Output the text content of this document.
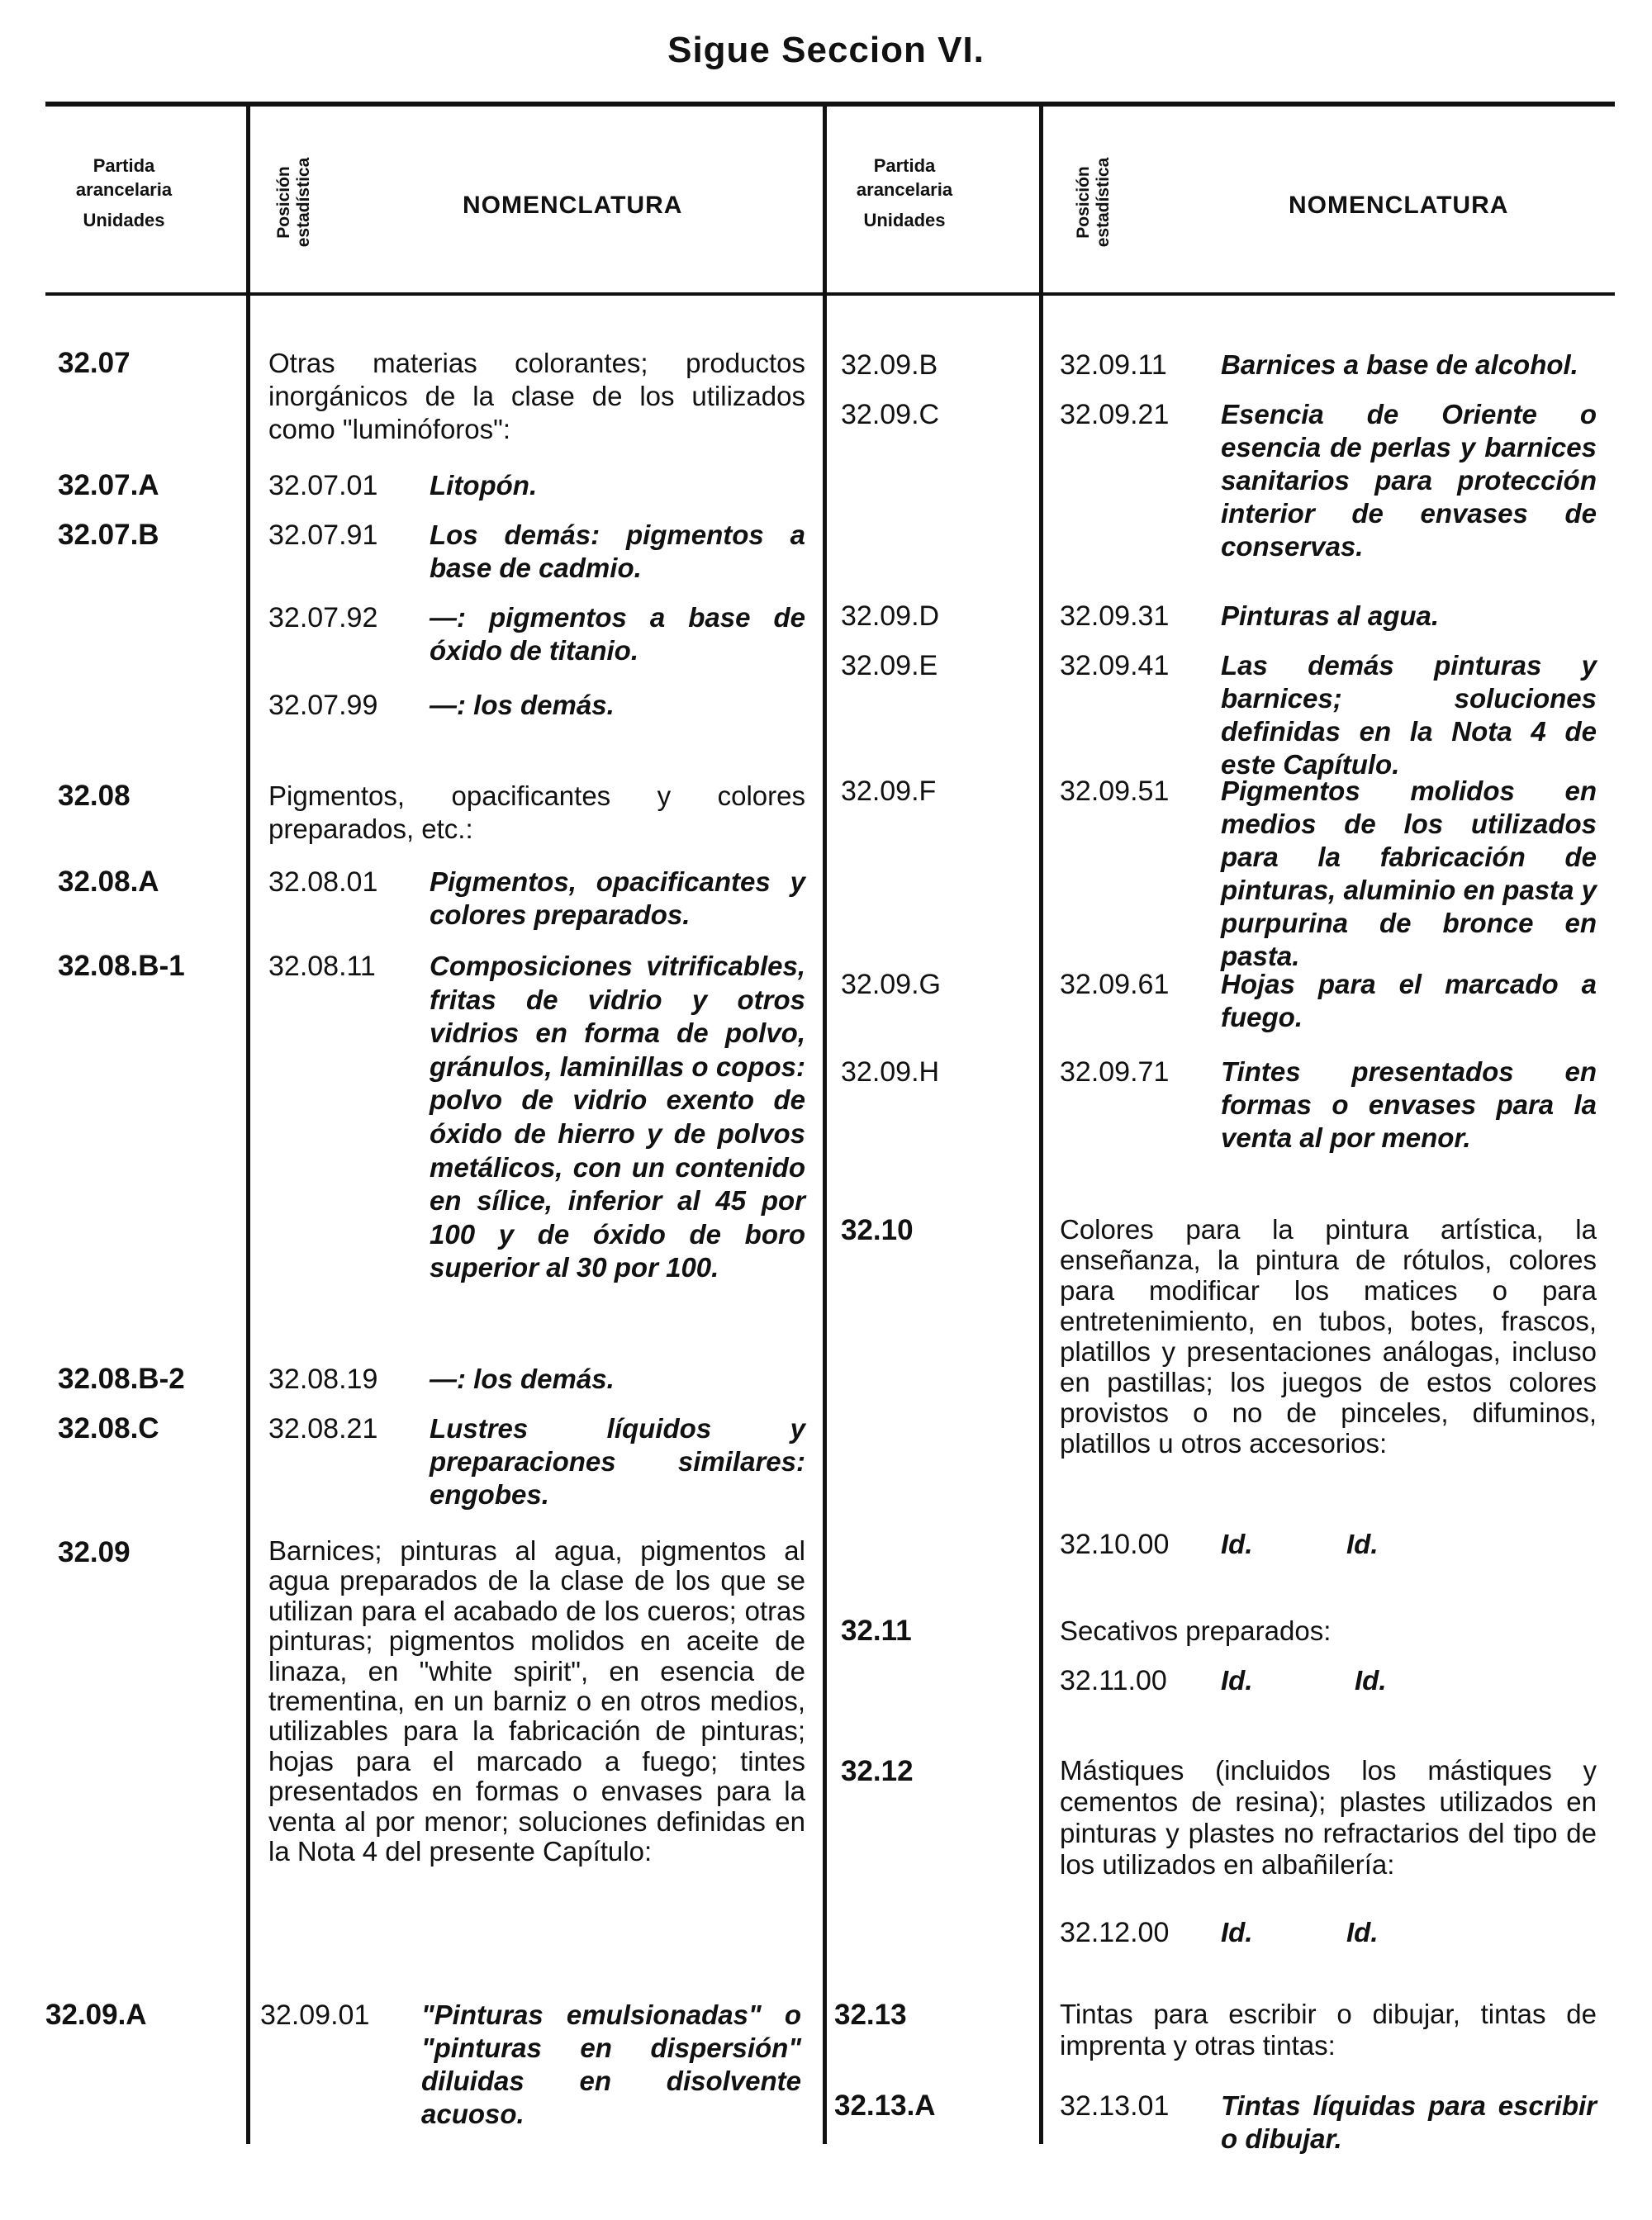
Sigue Seccion VI.
Partida
arancelaria
Unidades	Posición estadística	NOMENCLATURA
Partida
arancelaria
Unidades	Posición estadística	NOMENCLATURA
32.07	Otras materias colorantes; productos inorgánicos de la clase de los utilizados como "luminóforos":
32.07.A	32.07.01 Litopón.
32.07.B	32.07.91 Los demás: pigmentos a base de cadmio.
32.07.92 —: pigmentos a base de óxido de titanio.
32.07.99 —: los demás.
32.08	Pigmentos, opacificantes y colores preparados, etc.:
32.08.A	32.08.01 Pigmentos, opacificantes y colores preparados.
32.08.B-1	32.08.11 Composiciones vitrificables, fritas de vidrio y otros vidrios en forma de polvo, gránulos, laminillas o copos: polvo de vidrio exento de óxido de hierro y de polvos metálicos, con un contenido en sílice, inferior al 45 por 100 y de óxido de boro superior al 30 por 100.
32.08.B-2	32.08.19 —: los demás.
32.08.C	32.08.21 Lustres líquidos y preparaciones similares: engobes.
32.09	Barnices; pinturas al agua, pigmentos al agua preparados de la clase de los que se utilizan para el acabado de los cueros; otras pinturas; pigmentos molidos en aceite de linaza, en "white spirit", en esencia de trementina, en un barniz o en otros medios, utilizables para la fabricación de pinturas; hojas para el marcado a fuego; tintes presentados en formas o envases para la venta al por menor; soluciones definidas en la Nota 4 del presente Capítulo:
32.09.A	32.09.01 "Pinturas emulsionadas" o "pinturas en dispersión" diluidas en disolvente acuoso.
32.09.B	32.09.11 Barnices a base de alcohol.
32.09.C	32.09.21 Esencia de Oriente o esencia de perlas y barnices sanitarios para protección interior de envases de conservas.
32.09.D	32.09.31 Pinturas al agua.
32.09.E	32.09.41 Las demás pinturas y barnices; soluciones definidas en la Nota 4 de este Capítulo.
32.09.F	32.09.51 Pigmentos molidos en medios de los utilizados para la fabricación de pinturas, aluminio en pasta y purpurina de bronce en pasta.
32.09.G	32.09.61 Hojas para el marcado a fuego.
32.09.H	32.09.71 Tintes presentados en formas o envases para la venta al por menor.
32.10	Colores para la pintura artística, la enseñanza, la pintura de rótulos, colores para modificar los matices o para entretenimiento, en tubos, botes, frascos, platillos y presentaciones análogas, incluso en pastillas; los juegos de estos colores provistos o no de pinceles, difuminos, platillos u otros accesorios:
32.10.00 Id.	Id.
32.11	Secativos preparados:
32.11.00 Id.	Id.
32.12	Mástiques (incluidos los mástiques y cementos de resina); plastes utilizados en pinturas y plastes no refractarios del tipo de los utilizados en albañilería:
32.12.00 Id.	Id.
32.13	Tintas para escribir o dibujar, tintas de imprenta y otras tintas:
32.13.A	32.13.01 Tintas líquidas para escribir o dibujar.
